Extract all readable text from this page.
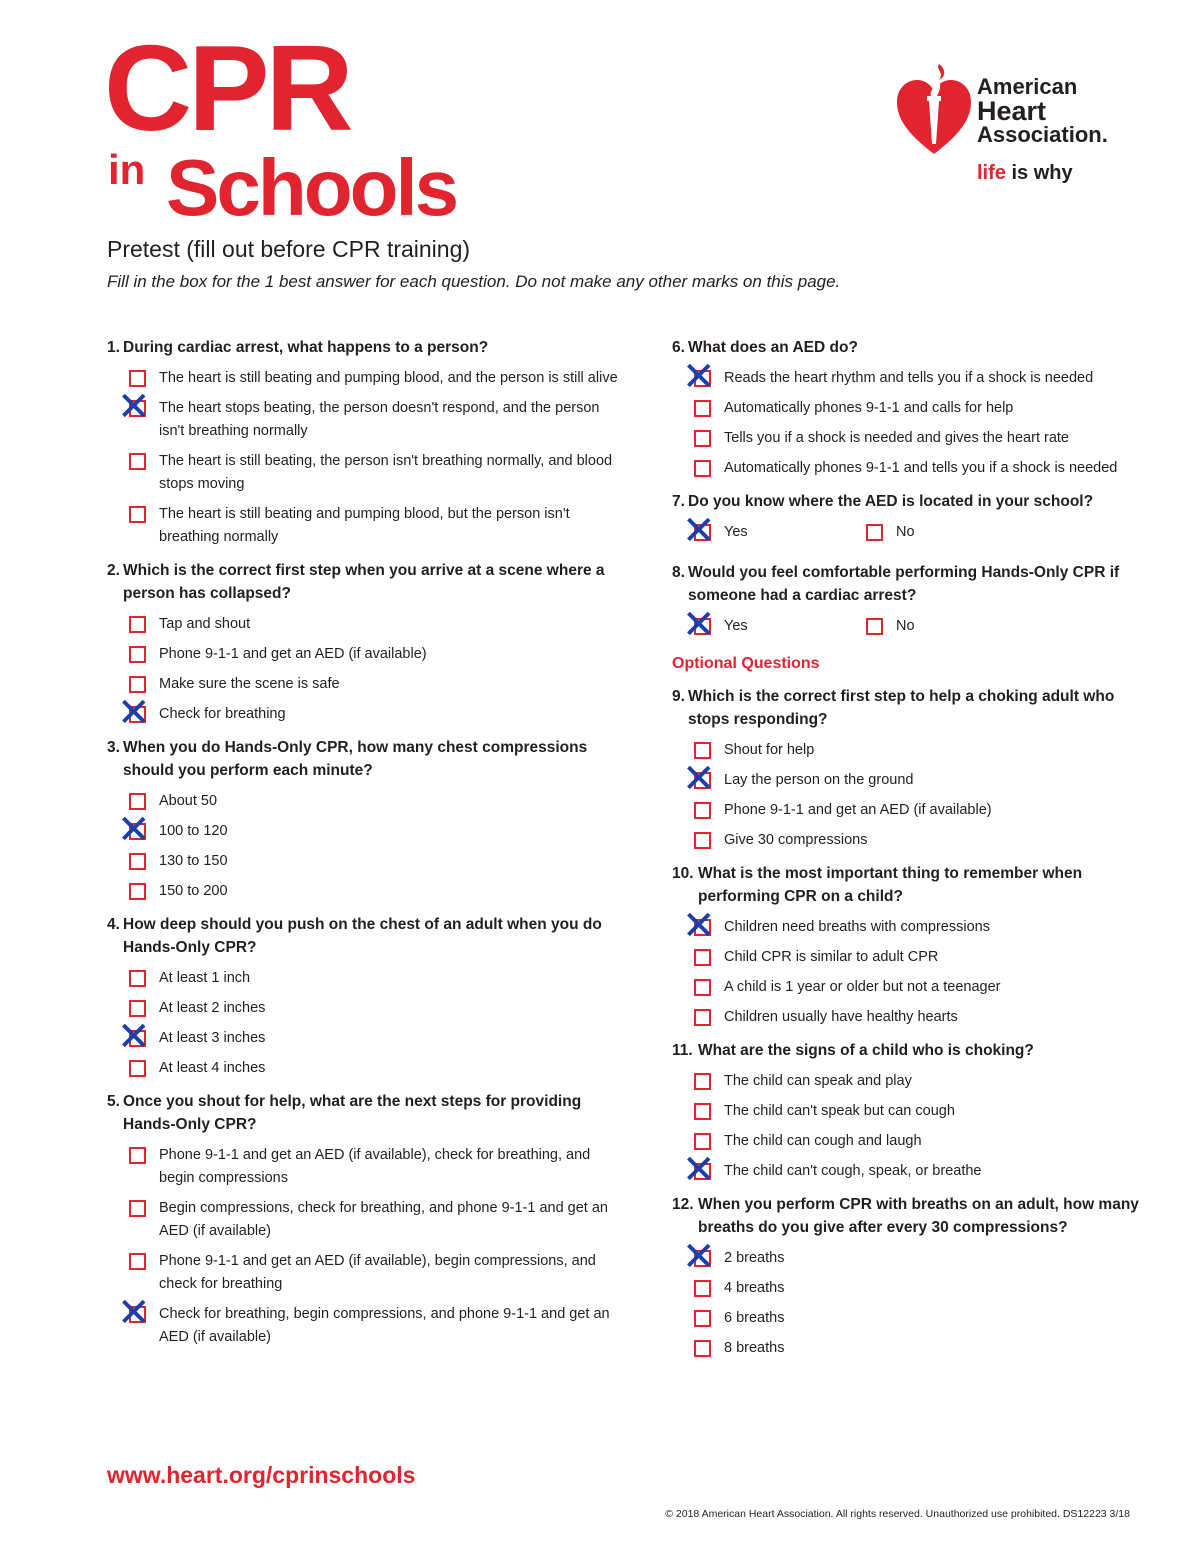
CPR
in Schools
American
Heart
Association.
life is why
Pretest (fill out before CPR training)
Fill in the box for the 1 best answer for each question. Do not make any other marks on this page.
1. During cardiac arrest, what happens to a person?
The heart is still beating and pumping blood, and the person is still alive
✕ The heart stops beating, the person doesn't respond, and the person isn't breathing normally
The heart is still beating, the person isn't breathing normally, and blood stops moving
The heart is still beating and pumping blood, but the person isn't breathing normally
2. Which is the correct first step when you arrive at a scene where a person has collapsed?
Tap and shout
Phone 9-1-1 and get an AED (if available)
Make sure the scene is safe
✕ Check for breathing
3. When you do Hands-Only CPR, how many chest compressions should you perform each minute?
About 50
✕ 100 to 120
130 to 150
150 to 200
4. How deep should you push on the chest of an adult when you do Hands-Only CPR?
At least 1 inch
At least 2 inches
✕ At least 3 inches
At least 4 inches
5. Once you shout for help, what are the next steps for providing Hands-Only CPR?
Phone 9-1-1 and get an AED (if available), check for breathing, and begin compressions
Begin compressions, check for breathing, and phone 9-1-1 and get an AED (if available)
Phone 9-1-1 and get an AED (if available), begin compressions, and check for breathing
✕ Check for breathing, begin compressions, and phone 9-1-1 and get an AED (if available)
6. What does an AED do?
✕ Reads the heart rhythm and tells you if a shock is needed
Automatically phones 9-1-1 and calls for help
Tells you if a shock is needed and gives the heart rate
Automatically phones 9-1-1 and tells you if a shock is needed
7. Do you know where the AED is located in your school?
✕ Yes	No
8. Would you feel comfortable performing Hands-Only CPR if someone had a cardiac arrest?
✕ Yes	No
Optional Questions
9. Which is the correct first step to help a choking adult who stops responding?
Shout for help
✕ Lay the person on the ground
Phone 9-1-1 and get an AED (if available)
Give 30 compressions
10. What is the most important thing to remember when performing CPR on a child?
✕ Children need breaths with compressions
Child CPR is similar to adult CPR
A child is 1 year or older but not a teenager
Children usually have healthy hearts
11. What are the signs of a child who is choking?
The child can speak and play
The child can't speak but can cough
The child can cough and laugh
✕ The child can't cough, speak, or breathe
12. When you perform CPR with breaths on an adult, how many breaths do you give after every 30 compressions?
✕ 2 breaths
4 breaths
6 breaths
8 breaths
www.heart.org/cprinschools
© 2018 American Heart Association. All rights reserved. Unauthorized use prohibited. DS12223 3/18
